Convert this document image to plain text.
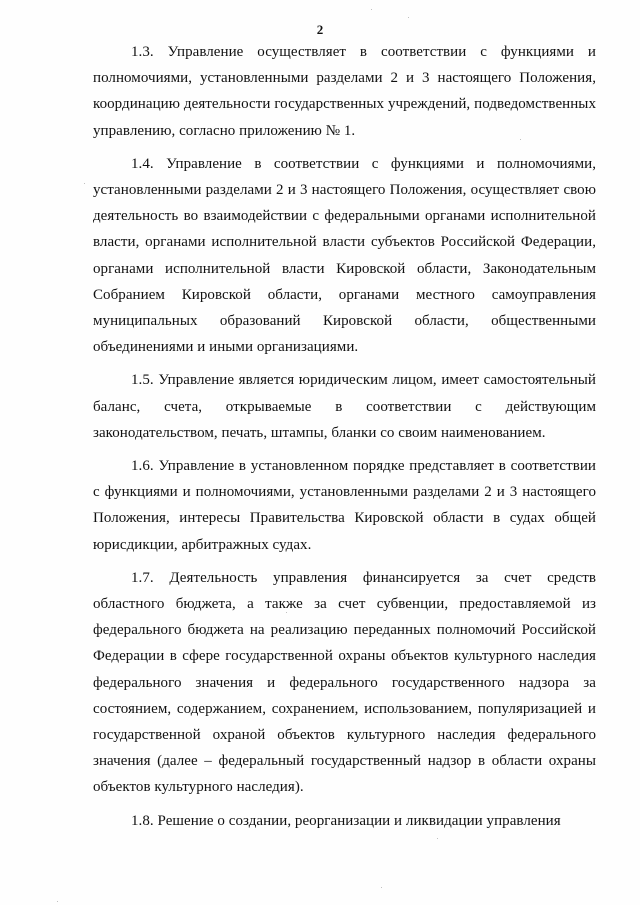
2

1.3. Управление осуществляет в соответствии с функциями и полномочиями, установленными разделами 2 и 3 настоящего Положения, координацию деятельности государственных учреждений, подведомственных управлению, согласно приложению № 1.

1.4. Управление в соответствии с функциями и полномочиями, установленными разделами 2 и 3 настоящего Положения, осуществляет свою деятельность во взаимодействии с федеральными органами исполнительной власти, органами исполнительной власти субъектов Российской Федерации, органами исполнительной власти Кировской области, Законодательным Собранием Кировской области, органами местного самоуправления муниципальных образований Кировской области, общественными объединениями и иными организациями.

1.5. Управление является юридическим лицом, имеет самостоятельный баланс, счета, открываемые в соответствии с действующим законодательством, печать, штампы, бланки со своим наименованием.

1.6. Управление в установленном порядке представляет в соответствии с функциями и полномочиями, установленными разделами 2 и 3 настоящего Положения, интересы Правительства Кировской области в судах общей юрисдикции, арбитражных судах.

1.7. Деятельность управления финансируется за счет средств областного бюджета, а также за счет субвенции, предоставляемой из федерального бюджета на реализацию переданных полномочий Российской Федерации в сфере государственной охраны объектов культурного наследия федерального значения и федерального государственного надзора за состоянием, содержанием, сохранением, использованием, популяризацией и государственной охраной объектов культурного наследия федерального значения (далее – федеральный государственный надзор в области охраны объектов культурного наследия).

1.8. Решение о создании, реорганизации и ликвидации управления
